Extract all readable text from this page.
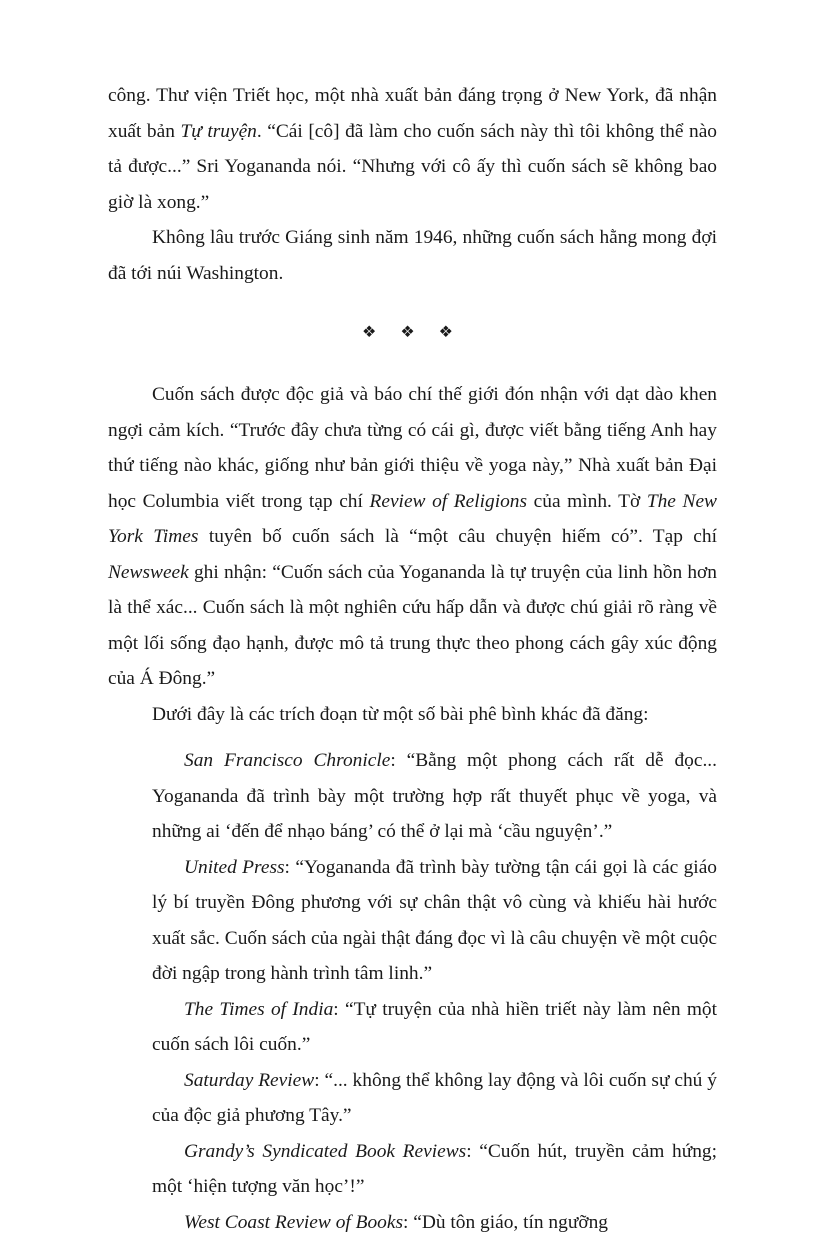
công. Thư viện Triết học, một nhà xuất bản đáng trọng ở New York, đã nhận xuất bản Tự truyện. “Cái [cô] đã làm cho cuốn sách này thì tôi không thể nào tả được...” Sri Yogananda nói. “Nhưng với cô ấy thì cuốn sách sẽ không bao giờ là xong.”

Không lâu trước Giáng sinh năm 1946, những cuốn sách hằng mong đợi đã tới núi Washington.

❖ ❖ ❖

Cuốn sách được độc giả và báo chí thế giới đón nhận với dạt dào khen ngợi cảm kích. “Trước đây chưa từng có cái gì, được viết bằng tiếng Anh hay thứ tiếng nào khác, giống như bản giới thiệu về yoga này,” Nhà xuất bản Đại học Columbia viết trong tạp chí Review of Religions của mình. Tờ The New York Times tuyên bố cuốn sách là “một câu chuyện hiếm có”. Tạp chí Newsweek ghi nhận: “Cuốn sách của Yogananda là tự truyện của linh hồn hơn là thể xác... Cuốn sách là một nghiên cứu hấp dẫn và được chú giải rõ ràng về một lối sống đạo hạnh, được mô tả trung thực theo phong cách gây xúc động của Á Đông.”

Dưới đây là các trích đoạn từ một số bài phê bình khác đã đăng:

San Francisco Chronicle: “Bằng một phong cách rất dễ đọc... Yogananda đã trình bày một trường hợp rất thuyết phục về yoga, và những ai ‘đến để nhạo báng’ có thể ở lại mà ‘cầu nguyện’.”

United Press: “Yogananda đã trình bày tường tận cái gọi là các giáo lý bí truyền Đông phương với sự chân thật vô cùng và khiếu hài hước xuất sắc. Cuốn sách của ngài thật đáng đọc vì là câu chuyện về một cuộc đời ngập trong hành trình tâm linh.”

The Times of India: “Tự truyện của nhà hiền triết này làm nên một cuốn sách lôi cuốn.”

Saturday Review: “... không thể không lay động và lôi cuốn sự chú ý của độc giả phương Tây.”

Grandy’s Syndicated Book Reviews: “Cuốn hút, truyền cảm hứng; một ‘hiện tượng văn học’!”

West Coast Review of Books: “Dù tôn giáo, tín ngưỡng
